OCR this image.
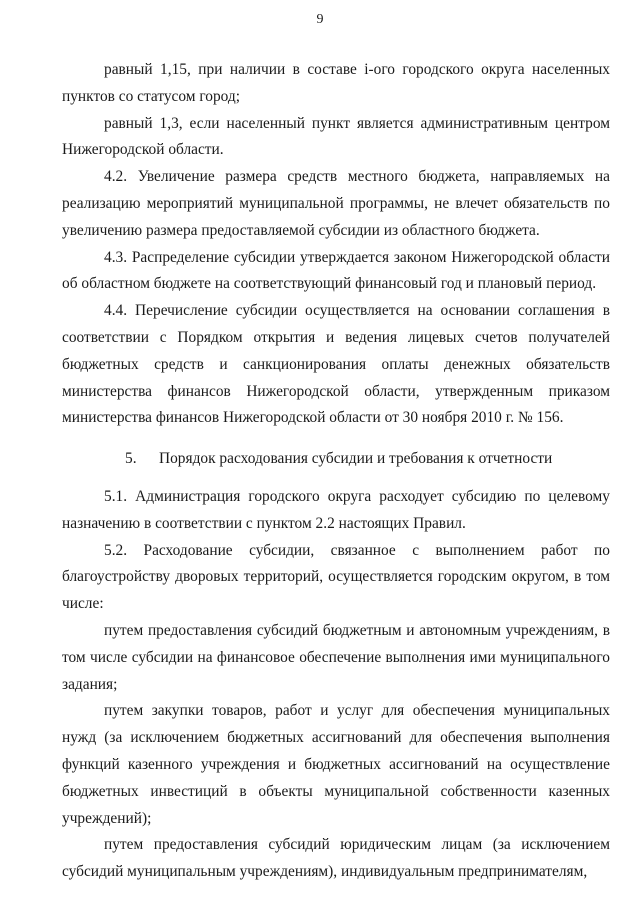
9

равный 1,15, при наличии в составе i-ого городского округа населенных пунктов со статусом город;

равный 1,3, если населенный пункт является административным центром Нижегородской области.

4.2. Увеличение размера средств местного бюджета, направляемых на реализацию мероприятий муниципальной программы, не влечет обязательств по увеличению размера предоставляемой субсидии из областного бюджета.

4.3. Распределение субсидии утверждается законом Нижегородской области об областном бюджете на соответствующий финансовый год и плановый период.

4.4. Перечисление субсидии осуществляется на основании соглашения в соответствии с Порядком открытия и ведения лицевых счетов получателей бюджетных средств и санкционирования оплаты денежных обязательств министерства финансов Нижегородской области, утвержденным приказом министерства финансов Нижегородской области от 30 ноября 2010 г. № 156.

5. Порядок расходования субсидии и требования к отчетности

5.1. Администрация городского округа расходует субсидию по целевому назначению в соответствии с пунктом 2.2 настоящих Правил.

5.2. Расходование субсидии, связанное с выполнением работ по благоустройству дворовых территорий, осуществляется городским округом, в том числе:

путем предоставления субсидий бюджетным и автономным учреждениям, в том числе субсидии на финансовое обеспечение выполнения ими муниципального задания;

путем закупки товаров, работ и услуг для обеспечения муниципальных нужд (за исключением бюджетных ассигнований для обеспечения выполнения функций казенного учреждения и бюджетных ассигнований на осуществление бюджетных инвестиций в объекты муниципальной собственности казенных учреждений);

путем предоставления субсидий юридическим лицам (за исключением субсидий муниципальным учреждениям), индивидуальным предпринимателям,
